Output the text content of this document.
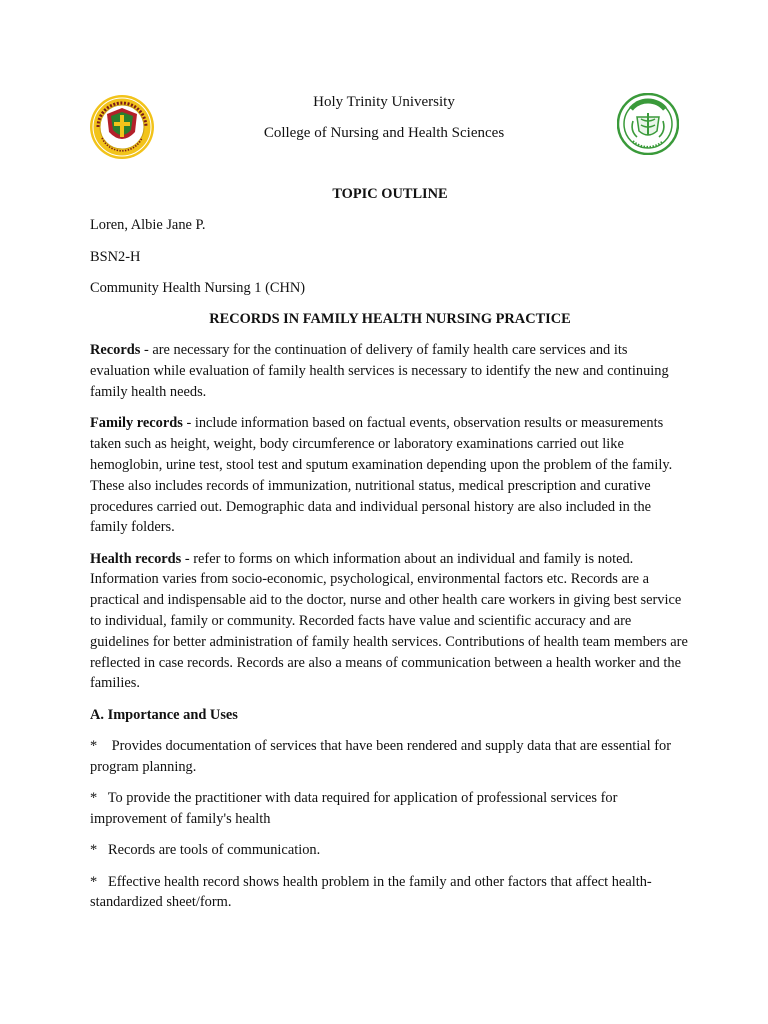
Holy Trinity University
College of Nursing and Health Sciences

TOPIC OUTLINE

Loren, Albie Jane P.

BSN2-H

Community Health Nursing 1 (CHN)

RECORDS IN FAMILY HEALTH NURSING PRACTICE

Records - are necessary for the continuation of delivery of family health care services and its evaluation while evaluation of family health services is necessary to identify the new and continuing family health needs.

Family records - include information based on factual events, observation results or measurements taken such as height, weight, body circumference or laboratory examinations carried out like hemoglobin, urine test, stool test and sputum examination depending upon the problem of the family. These also includes records of immunization, nutritional status, medical prescription and curative procedures carried out. Demographic data and individual personal history are also included in the family folders.

Health records - refer to forms on which information about an individual and family is noted. Information varies from socio-economic, psychological, environmental factors etc. Records are a practical and indispensable aid to the doctor, nurse and other health care workers in giving best service to individual, family or community. Recorded facts have value and scientific accuracy and are guidelines for better administration of family health services. Contributions of health team members are reflected in case records. Records are also a means of communication between a health worker and the families.

A. Importance and Uses

*    Provides documentation of services that have been rendered and supply data that are essential for program planning.

*   To provide the practitioner with data required for application of professional services for improvement of family's health

*   Records are tools of communication.

*   Effective health record shows health problem in the family and other factors that affect health-standardized sheet/form.
